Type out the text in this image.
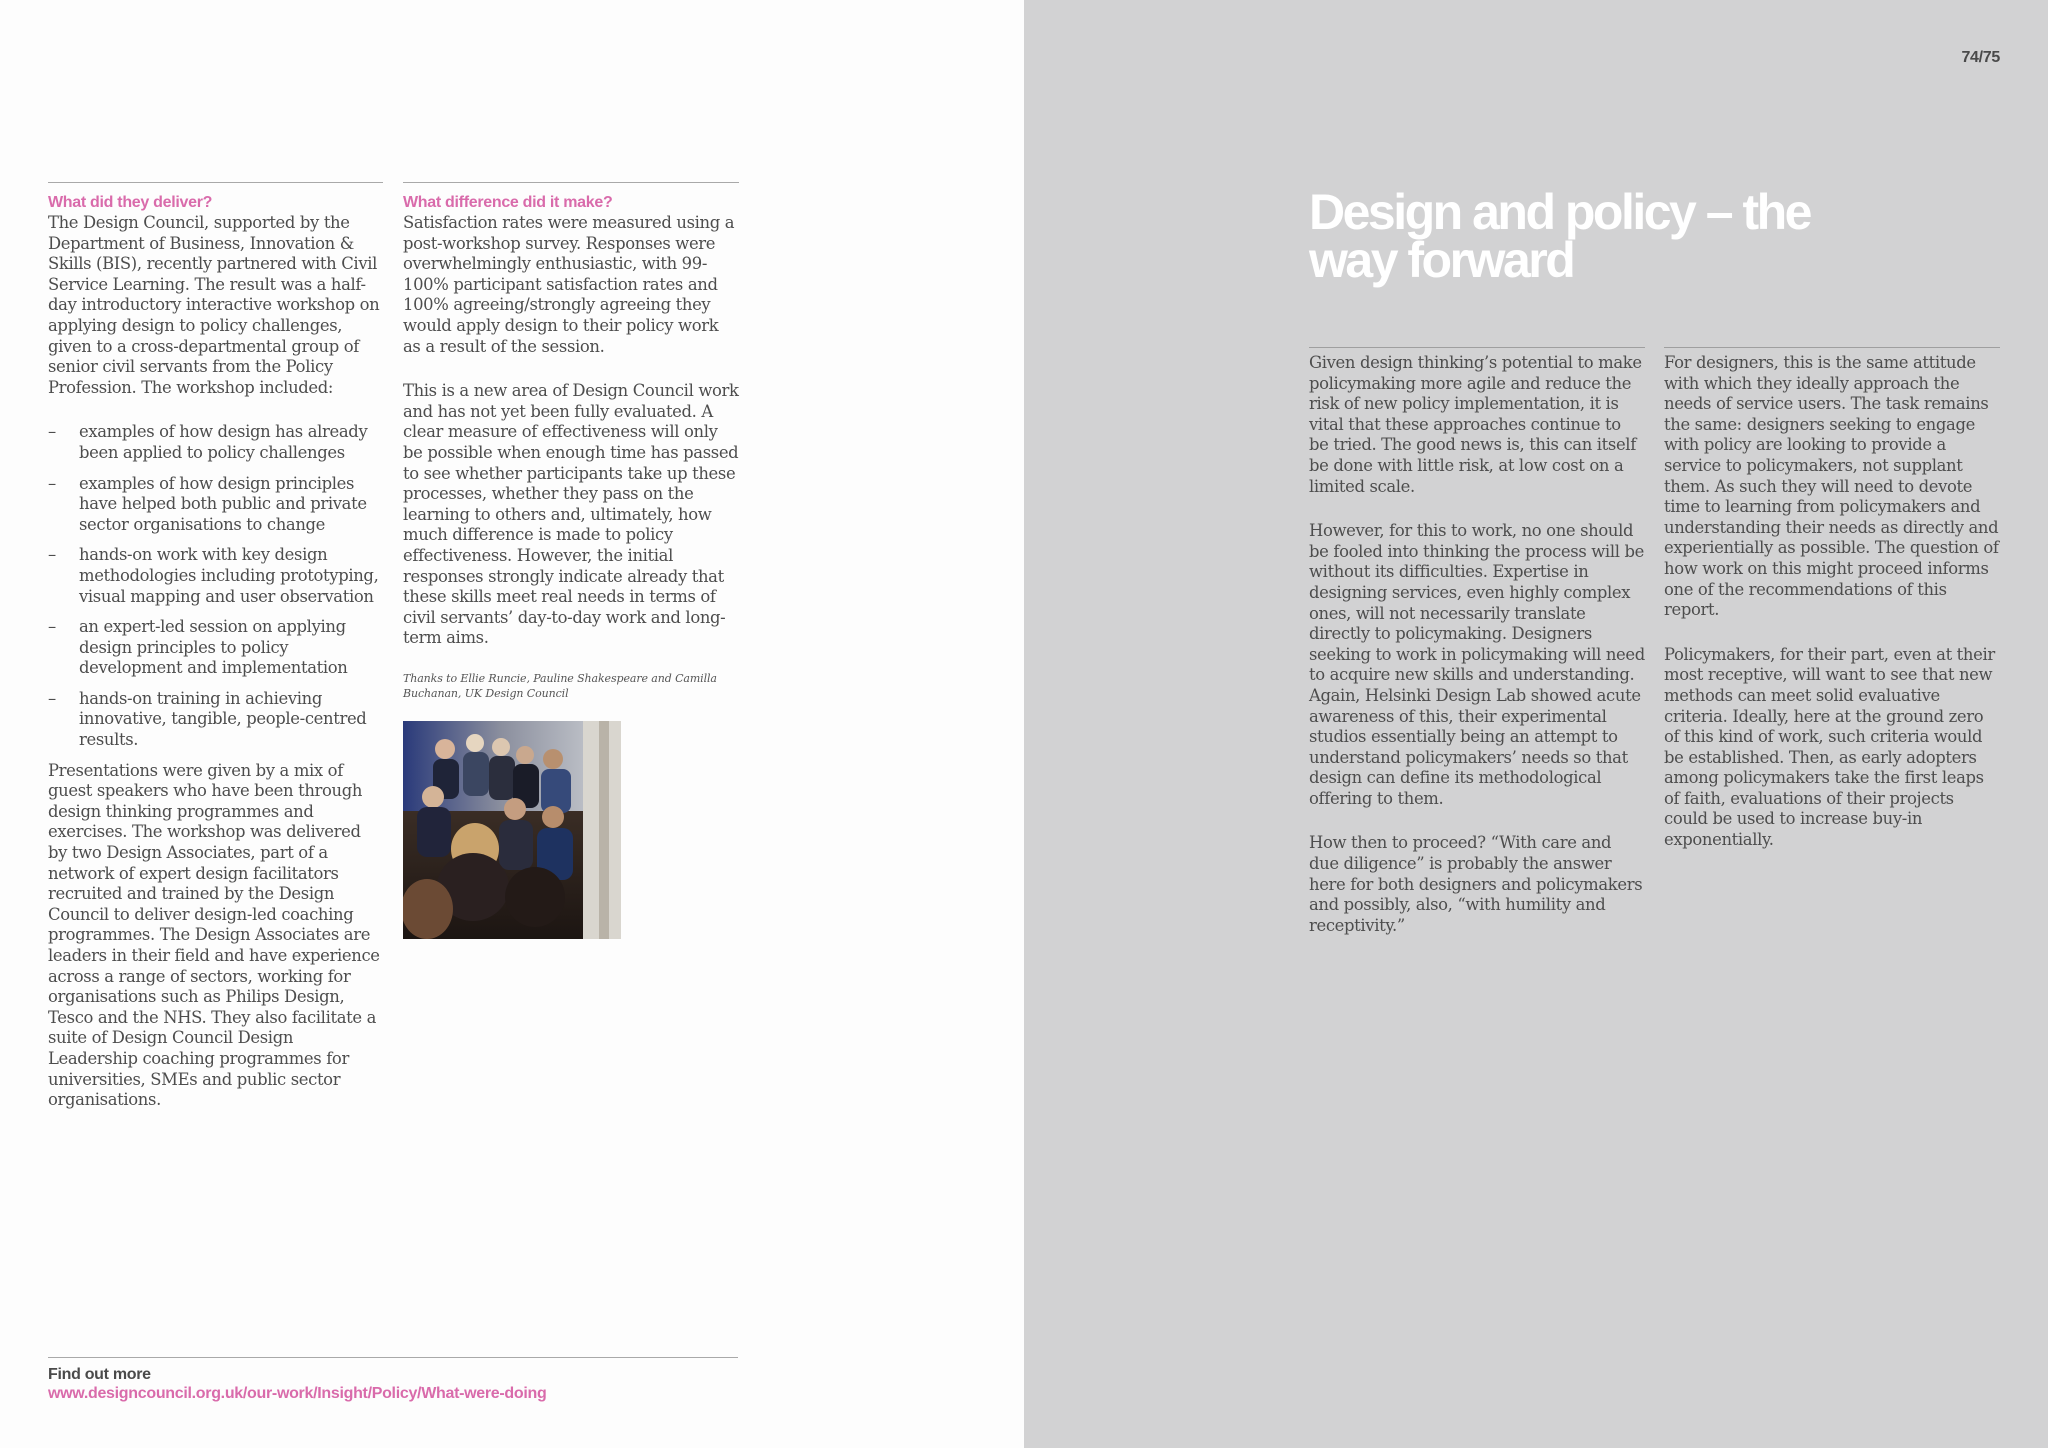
What did they deliver?

The Design Council, supported by the Department of Business, Innovation & Skills (BIS), recently partnered with Civil Service Learning. The result was a half-day introductory interactive workshop on applying design to policy challenges, given to a cross-departmental group of senior civil servants from the Policy Profession. The workshop included:

– examples of how design has already been applied to policy challenges
– examples of how design principles have helped both public and private sector organisations to change
– hands-on work with key design methodologies including prototyping, visual mapping and user observation
– an expert-led session on applying design principles to policy development and implementation
– hands-on training in achieving innovative, tangible, people-centred results.

Presentations were given by a mix of guest speakers who have been through design thinking programmes and exercises. The workshop was delivered by two Design Associates, part of a network of expert design facilitators recruited and trained by the Design Council to deliver design-led coaching programmes. The Design Associates are leaders in their field and have experience across a range of sectors, working for organisations such as Philips Design, Tesco and the NHS. They also facilitate a suite of Design Council Design Leadership coaching programmes for universities, SMEs and public sector organisations.

What difference did it make?

Satisfaction rates were measured using a post-workshop survey. Responses were overwhelmingly enthusiastic, with 99-100% participant satisfaction rates and 100% agreeing/strongly agreeing they would apply design to their policy work as a result of the session.

This is a new area of Design Council work and has not yet been fully evaluated. A clear measure of effectiveness will only be possible when enough time has passed to see whether participants take up these processes, whether they pass on the learning to others and, ultimately, how much difference is made to policy effectiveness. However, the initial responses strongly indicate already that these skills meet real needs in terms of civil servants’ day-to-day work and long-term aims.

Thanks to Ellie Runcie, Pauline Shakespeare and Camilla Buchanan, UK Design Council
Find out more
www.designcouncil.org.uk/our-work/Insight/Policy/What-were-doing
74/75
Design and policy – the way forward

Given design thinking’s potential to make policymaking more agile and reduce the risk of new policy implementation, it is vital that these approaches continue to be tried. The good news is, this can itself be done with little risk, at low cost on a limited scale.

However, for this to work, no one should be fooled into thinking the process will be without its difficulties. Expertise in designing services, even highly complex ones, will not necessarily translate directly to policymaking. Designers seeking to work in policymaking will need to acquire new skills and understanding. Again, Helsinki Design Lab showed acute awareness of this, their experimental studios essentially being an attempt to understand policymakers’ needs so that design can define its methodological offering to them.

How then to proceed? “With care and due diligence” is probably the answer here for both designers and policymakers and possibly, also, “with humility and receptivity.”

For designers, this is the same attitude with which they ideally approach the needs of service users. The task remains the same: designers seeking to engage with policy are looking to provide a service to policymakers, not supplant them. As such they will need to devote time to learning from policymakers and understanding their needs as directly and experientially as possible. The question of how work on this might proceed informs one of the recommendations of this report.

Policymakers, for their part, even at their most receptive, will want to see that new methods can meet solid evaluative criteria. Ideally, here at the ground zero of this kind of work, such criteria would be established. Then, as early adopters among policymakers take the first leaps of faith, evaluations of their projects could be used to increase buy-in exponentially.
